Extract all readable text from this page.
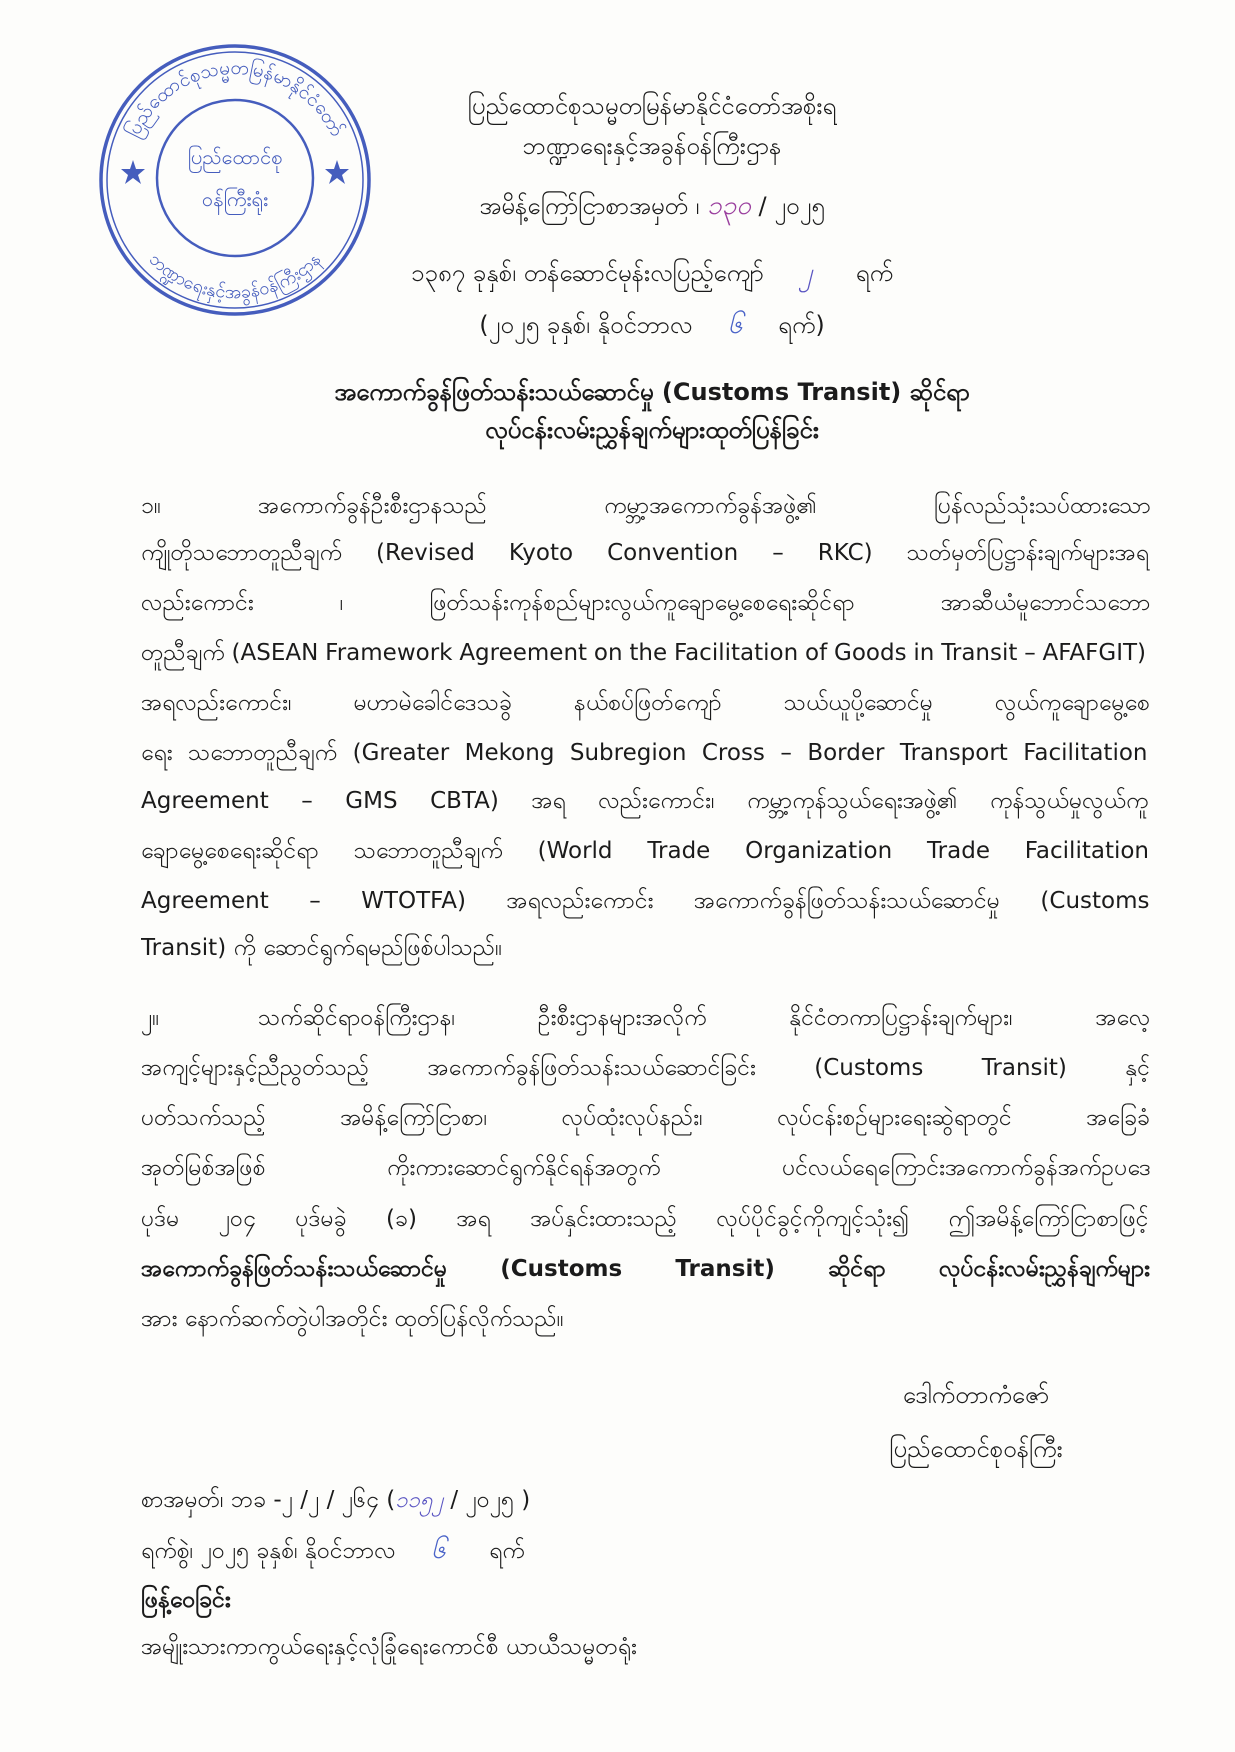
ပြည်ထောင်စုသမ္မတမြန်မာနိုင်ငံတော်
ဘဏ္ဍာရေးနှင့်အခွန်ဝန်ကြီးဌာန
ပြည်ထောင်စု
ဝန်ကြီးရုံး
ပြည်ထောင်စုသမ္မတမြန်မာနိုင်ငံတော်အစိုးရ
ဘဏ္ဍာရေးနှင့်အခွန်ဝန်ကြီးဌာန
အမိန့်ကြော်ငြာစာအမှတ် ၊ ၁၃၀ / ၂၀၂၅
၁၃၈၇ ခုနှစ်၊ တန်ဆောင်မုန်းလပြည့်ကျော် ၂ ရက်
(၂၀၂၅ ခုနှစ်၊ နိုဝင်ဘာလ ၆ ရက်)
အကောက်ခွန်ဖြတ်သန်းသယ်ဆောင်မှု (Customs Transit) ဆိုင်ရာ
လုပ်ငန်းလမ်းညွှန်ချက်များထုတ်ပြန်ခြင်း
၁။	အကောက်ခွန်ဦးစီးဌာနသည် ကမ္ဘာ့အကောက်ခွန်အဖွဲ့၏ ပြန်လည်သုံးသပ်ထားသော
ကျိုတိုသဘောတူညီချက် (Revised Kyoto Convention – RKC) သတ်မှတ်ပြဋ္ဌာန်းချက်များအရ
လည်းကောင်း ၊ ဖြတ်သန်းကုန်စည်များလွယ်ကူချောမွေ့စေရေးဆိုင်ရာ အာဆီယံမူဘောင်သဘော
တူညီချက် (ASEAN Framework Agreement on the Facilitation of Goods in Transit – AFAFGIT)
အရလည်းကောင်း၊ မဟာမဲခေါင်ဒေသခွဲ နယ်စပ်ဖြတ်ကျော် သယ်ယူပို့ဆောင်မှု လွယ်ကူချောမွေ့စေ
ရေး သဘောတူညီချက် (Greater Mekong Subregion Cross – Border Transport Facilitation
Agreement – GMS CBTA) အရ လည်းကောင်း၊ ကမ္ဘာ့ကုန်သွယ်ရေးအဖွဲ့၏ ကုန်သွယ်မှုလွယ်ကူ
ချောမွေ့စေရေးဆိုင်ရာ သဘောတူညီချက် (World Trade Organization Trade Facilitation
Agreement – WTOTFA) အရလည်းကောင်း အကောက်ခွန်ဖြတ်သန်းသယ်ဆောင်မှု (Customs
Transit) ကို ဆောင်ရွက်ရမည်ဖြစ်ပါသည်။
၂။	သက်ဆိုင်ရာဝန်ကြီးဌာန၊ ဦးစီးဌာနများအလိုက် နိုင်ငံတကာပြဋ္ဌာန်းချက်များ၊ အလေ့
အကျင့်များနှင့်ညီညွတ်သည့် အကောက်ခွန်ဖြတ်သန်းသယ်ဆောင်ခြင်း (Customs Transit) နှင့်
ပတ်သက်သည့် အမိန့်ကြော်ငြာစာ၊ လုပ်ထုံးလုပ်နည်း၊ လုပ်ငန်းစဉ်များရေးဆွဲရာတွင် အခြေခံ
အုတ်မြစ်အဖြစ် ကိုးကားဆောင်ရွက်နိုင်ရန်အတွက် ပင်လယ်ရေကြောင်းအကောက်ခွန်အက်ဥပဒေ
ပုဒ်မ ၂၀၄ ပုဒ်မခွဲ (ခ) အရ အပ်နှင်းထားသည့် လုပ်ပိုင်ခွင့်ကိုကျင့်သုံး၍ ဤအမိန့်ကြော်ငြာစာဖြင့်
အကောက်ခွန်ဖြတ်သန်းသယ်ဆောင်မှု (Customs Transit) ဆိုင်ရာ လုပ်ငန်းလမ်းညွှန်ချက်များ
အား နောက်ဆက်တွဲပါအတိုင်း ထုတ်ပြန်လိုက်သည်။
ဒေါက်တာကံဇော်
ပြည်ထောင်စုဝန်ကြီး
စာအမှတ်၊ ဘခ -၂ /၂ / ၂၆၄ (၁၁၅၂ / ၂၀၂၅ )
ရက်စွဲ၊ ၂၀၂၅ ခုနှစ်၊ နိုဝင်ဘာလ ၆ ရက်
ဖြန့်ဝေခြင်း
အမျိုးသားကာကွယ်ရေးနှင့်လုံခြုံရေးကောင်စီ ယာယီသမ္မတရုံး
